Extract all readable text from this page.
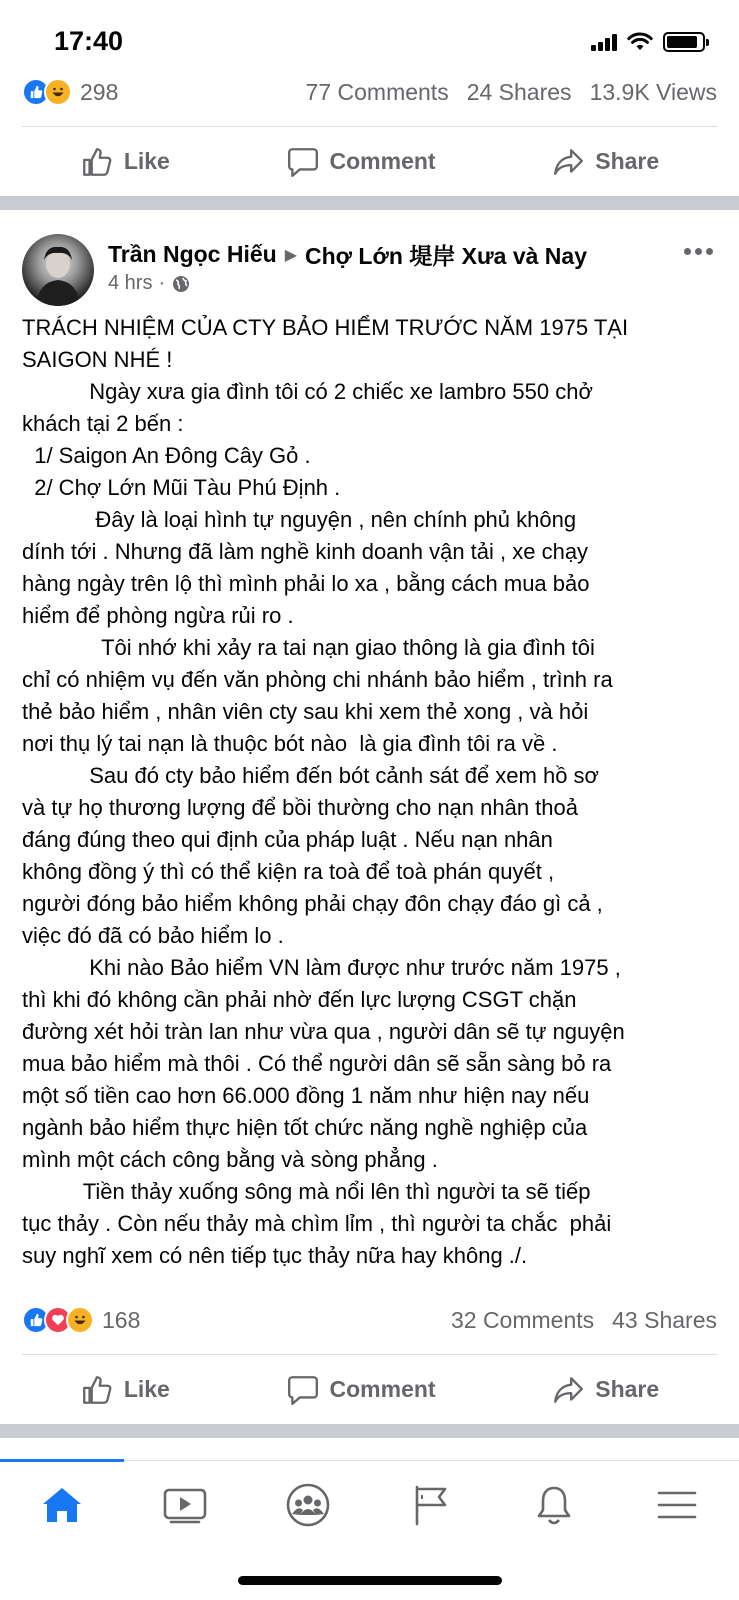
17:40
298	77 Comments 24 Shares 13.9K Views
Like	Comment	Share
Trần Ngọc Hiếu ▶ Chợ Lớn 堤岸 Xưa và Nay
4 hrs ·

TRÁCH NHIỆM CỦA CTY BẢO HIỂM TRƯỚC NĂM 1975 TẠI

SAIGON NHÉ !

Ngày xưa gia đình tôi có 2 chiếc xe lambro 550 chở

khách tại 2 bến :

1/ Saigon An Đông Cây Gỏ .

2/ Chợ Lớn Mũi Tàu Phú Định .

Đây là loại hình tự nguyện , nên chính phủ không

dính tới . Nhưng đã làm nghề kinh doanh vận tải , xe chạy

hàng ngày trên lộ thì mình phải lo xa , bằng cách mua bảo

hiểm để phòng ngừa rủi ro .

Tôi nhớ khi xảy ra tai nạn giao thông là gia đình tôi

chỉ có nhiệm vụ đến văn phòng chi nhánh bảo hiểm , trình ra

thẻ bảo hiểm , nhân viên cty sau khi xem thẻ xong , và hỏi

nơi thụ lý tai nạn là thuộc bót nào  là gia đình tôi ra về .

Sau đó cty bảo hiểm đến bót cảnh sát để xem hồ sơ

và tự họ thương lượng để bồi thường cho nạn nhân thoả

đáng đúng theo qui định của pháp luật . Nếu nạn nhân

không đồng ý thì có thể kiện ra toà để toà phán quyết ,

người đóng bảo hiểm không phải chạy đôn chạy đáo gì cả ,

việc đó đã có bảo hiểm lo .

Khi nào Bảo hiểm VN làm được như trước năm 1975 ,

thì khi đó không cần phải nhờ đến lực lượng CSGT chặn

đường xét hỏi tràn lan như vừa qua , người dân sẽ tự nguyện

mua bảo hiểm mà thôi . Có thể người dân sẽ sẵn sàng bỏ ra

một số tiền cao hơn 66.000 đồng 1 năm như hiện nay nếu

ngành bảo hiểm thực hiện tốt chức năng nghề nghiệp của

mình một cách công bằng và sòng phẳng .

Tiền thảy xuống sông mà nổi lên thì người ta sẽ tiếp

tục thảy . Còn nếu thảy mà chìm lỉm , thì người ta chắc  phải

suy nghĩ xem có nên tiếp tục thảy nữa hay không ./.

168	32 Comments 43 Shares
Like	Comment	Share
